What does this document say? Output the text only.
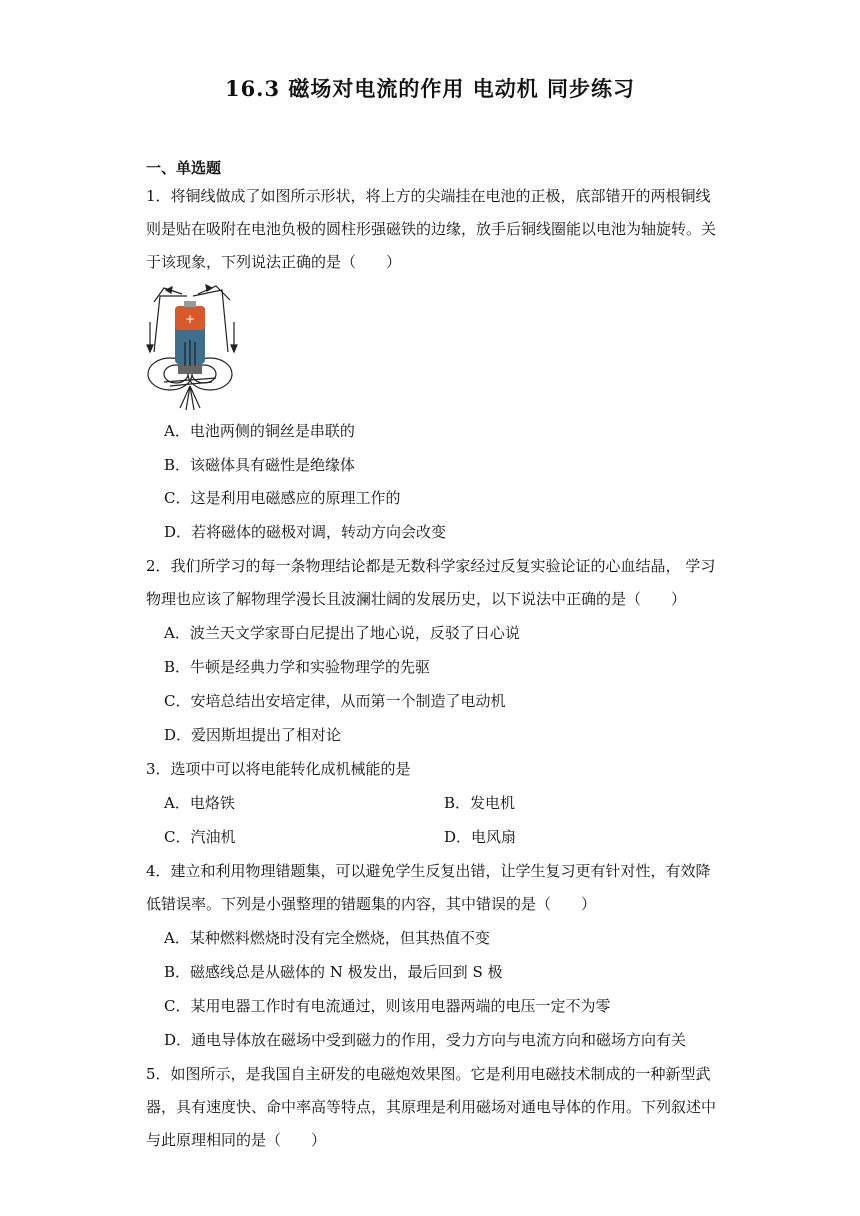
16.3 磁场对电流的作用 电动机 同步练习
一、单选题
1．将铜线做成了如图所示形状，将上方的尖端挂在电池的正极，底部错开的两根铜线
则是贴在吸附在电池负极的圆柱形强磁铁的边缘，放手后铜线圈能以电池为轴旋转。关
于该现象，下列说法正确的是（　　）
+
A．电池两侧的铜丝是串联的
B．该磁体具有磁性是绝缘体
C．这是利用电磁感应的原理工作的
D．若将磁体的磁极对调，转动方向会改变
2．我们所学习的每一条物理结论都是无数科学家经过反复实验论证的心血结晶， 学习
物理也应该了解物理学漫长且波澜壮阔的发展历史，以下说法中正确的是（　　）
A．波兰天文学家哥白尼提出了地心说，反驳了日心说
B．牛顿是经典力学和实验物理学的先驱
C．安培总结出安培定律，从而第一个制造了电动机
D．爱因斯坦提出了相对论
3．选项中可以将电能转化成机械能的是
A．电烙铁	B．发电机
C．汽油机	D．电风扇
4．建立和利用物理错题集，可以避免学生反复出错，让学生复习更有针对性，有效降
低错误率。下列是小强整理的错题集的内容，其中错误的是（　　）
A．某种燃料燃烧时没有完全燃烧，但其热值不变
B．磁感线总是从磁体的 N 极发出，最后回到 S 极
C．某用电器工作时有电流通过，则该用电器两端的电压一定不为零
D．通电导体放在磁场中受到磁力的作用，受力方向与电流方向和磁场方向有关
5．如图所示，是我国自主研发的电磁炮效果图。它是利用电磁技术制成的一种新型武
器，具有速度快、命中率高等特点，其原理是利用磁场对通电导体的作用。下列叙述中
与此原理相同的是（　　）
